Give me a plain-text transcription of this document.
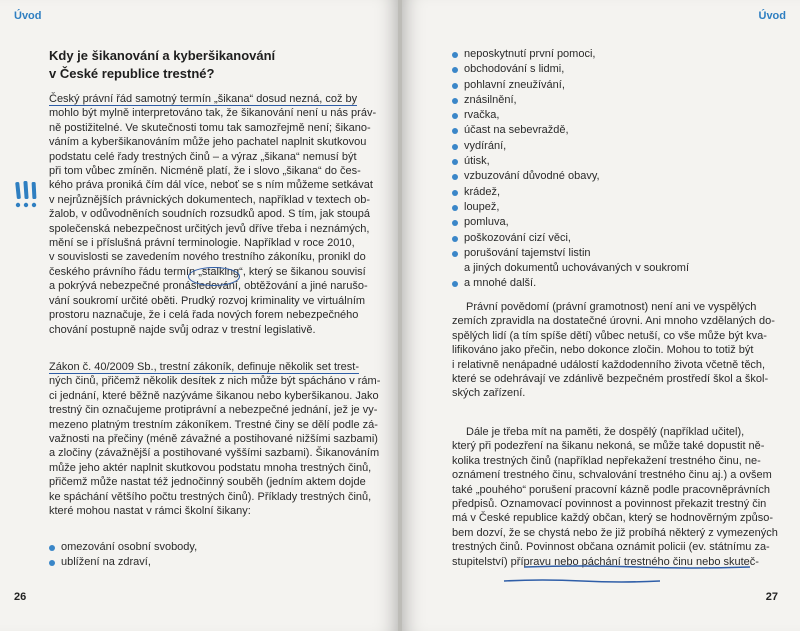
Úvod
Kdy je šikanování a kyberšikanování
v České republice trestné?
Český právní řád samotný termín „šikana“ dosud nezná, což by
mohlo být mylně interpretováno tak, že šikanování není u nás práv-
ně postižitelné. Ve skutečnosti tomu tak samozřejmě není; šikano-
váním a kyberšikanováním může jeho pachatel naplnit skutkovou
podstatu celé řady trestných činů – a výraz „šikana“ nemusí být
při tom vůbec zmíněn. Nicméně platí, že i slovo „šikana“ do čes-
kého práva proniká čím dál více, neboť se s ním můžeme setkávat
v nejrůznějších právnických dokumentech, například v textech ob-
žalob, v odůvodněních soudních rozsudků apod. S tím, jak stoupá
společenská nebezpečnost určitých jevů dříve třeba i neznámých,
mění se i příslušná právní terminologie. Například v roce 2010,
v souvislosti se zavedením nového trestního zákoníku, pronikl do
českého právního řádu termín „stalking“, který se šikanou souvisí
a pokrývá nebezpečné pronásledování, obtěžování a jiné narušo-
vání soukromí určité oběti. Prudký rozvoj kriminality ve virtuálním
prostoru naznačuje, že i celá řada nových forem nebezpečného
chování postupně najde svůj odraz v trestní legislativě.
Zákon č. 40/2009 Sb., trestní zákoník, definuje několik set trest-
ných činů, přičemž několik desítek z nich může být spácháno v rám-
ci jednání, které běžně nazýváme šikanou nebo kyberšikanou. Jako
trestný čin označujeme protiprávní a nebezpečné jednání, jež je vy-
mezeno platným trestním zákoníkem. Trestné činy se dělí podle zá-
važnosti na přečiny (méně závažné a postihované nižšími sazbami)
a zločiny (závažnější a postihované vyššími sazbami). Šikanováním
může jeho aktér naplnit skutkovou podstatu mnoha trestných činů,
přičemž může nastat též jednočinný souběh (jedním aktem dojde
ke spáchání většího počtu trestných činů). Příklady trestných činů,
které mohou nastat v rámci školní šikany:
omezování osobní svobody,
ublížení na zdraví,
26
Úvod
neposkytnutí první pomoci,
obchodování s lidmi,
pohlavní zneužívání,
znásilnění,
rvačka,
účast na sebevraždě,
vydírání,
útisk,
vzbuzování důvodné obavy,
krádež,
loupež,
pomluva,
poškozování cizí věci,
porušování tajemství listin
a jiných dokumentů uchovávaných v soukromí
a mnohé další.
Právní povědomí (právní gramotnost) není ani ve vyspělých
zemích zpravidla na dostatečné úrovni. Ani mnoho vzdělaných do-
spělých lidí (a tím spíše dětí) vůbec netuší, co vše může být kva-
lifikováno jako přečin, nebo dokonce zločin. Mohou to totiž být
i relativně nenápadné událostí každodenního života včetně těch,
které se odehrávají ve zdánlivě bezpečném prostředí škol a škol-
ských zařízení.
Dále je třeba mít na paměti, že dospělý (například učitel),
který při podezření na šikanu nekoná, se může také dopustit ně-
kolika trestných činů (například nepřekažení trestného činu, ne-
oznámení trestného činu, schvalování trestného činu aj.) a ovšem
také „pouhého“ porušení pracovní kázně podle pracovněprávních
předpisů. Oznamovací povinnost a povinnost překazit trestný čin
má v České republice každý občan, který se hodnověrným způso-
bem dozví, že se chystá nebo že již probíhá některý z vymezených
trestných činů. Povinnost občana oznámit policii (ev. státnímu za-
stupitelství) přípravu nebo páchání trestného činu nebo skuteč-
27
